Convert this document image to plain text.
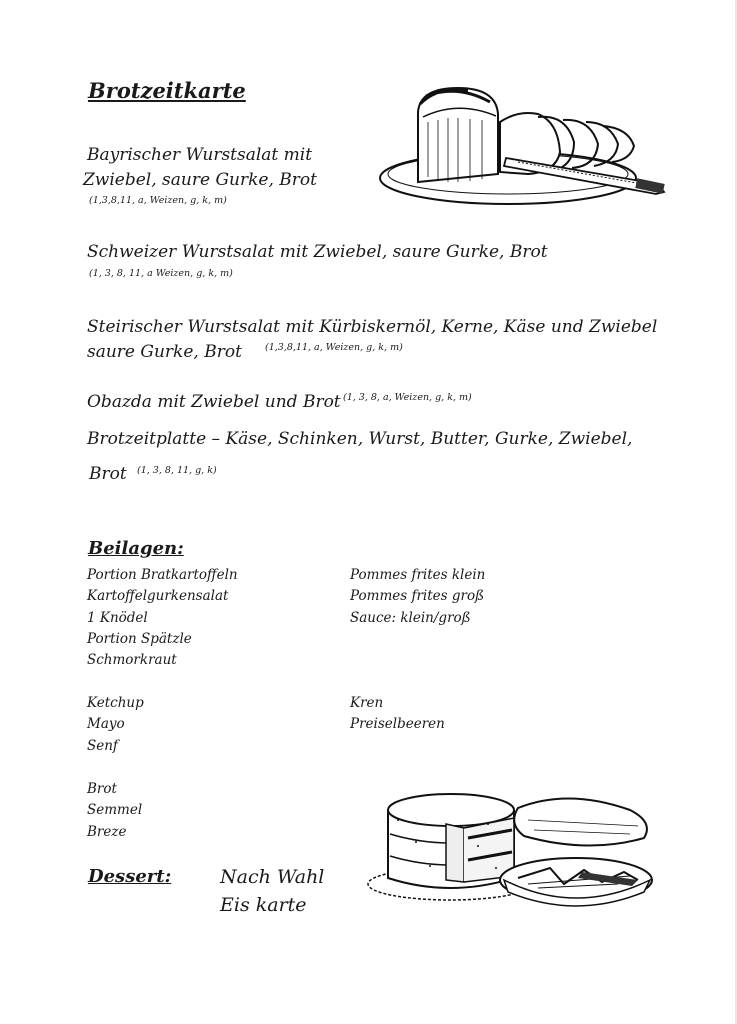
Brotzeitkarte
Bayrischer Wurstsalat mit
Zwiebel, saure Gurke, Brot
(1,3,8,11, a, Weizen, g, k, m)
Schweizer Wurstsalat mit Zwiebel, saure Gurke, Brot
(1, 3, 8, 11, a Weizen, g, k, m)
Steirischer Wurstsalat mit Kürbiskernöl, Kerne, Käse und Zwiebel
saure Gurke, Brot (1,3,8,11, a, Weizen, g, k, m)
Obazda mit Zwiebel und Brot (1, 3, 8, a, Weizen, g, k, m)
Brotzeitplatte – Käse, Schinken, Wurst, Butter, Gurke, Zwiebel,
Brot (1, 3, 8, 11, g, k)
Beilagen:
Portion Bratkartoffeln
Kartoffelgurkensalat
1 Knödel
Portion Spätzle
Schmorkraut
Pommes frites klein
Pommes frites groß
Sauce: klein/groß
Ketchup
Mayo
Senf
Kren
Preiselbeeren
Brot
Semmel
Breze
Dessert:	Nach Wahl
Eis karte
